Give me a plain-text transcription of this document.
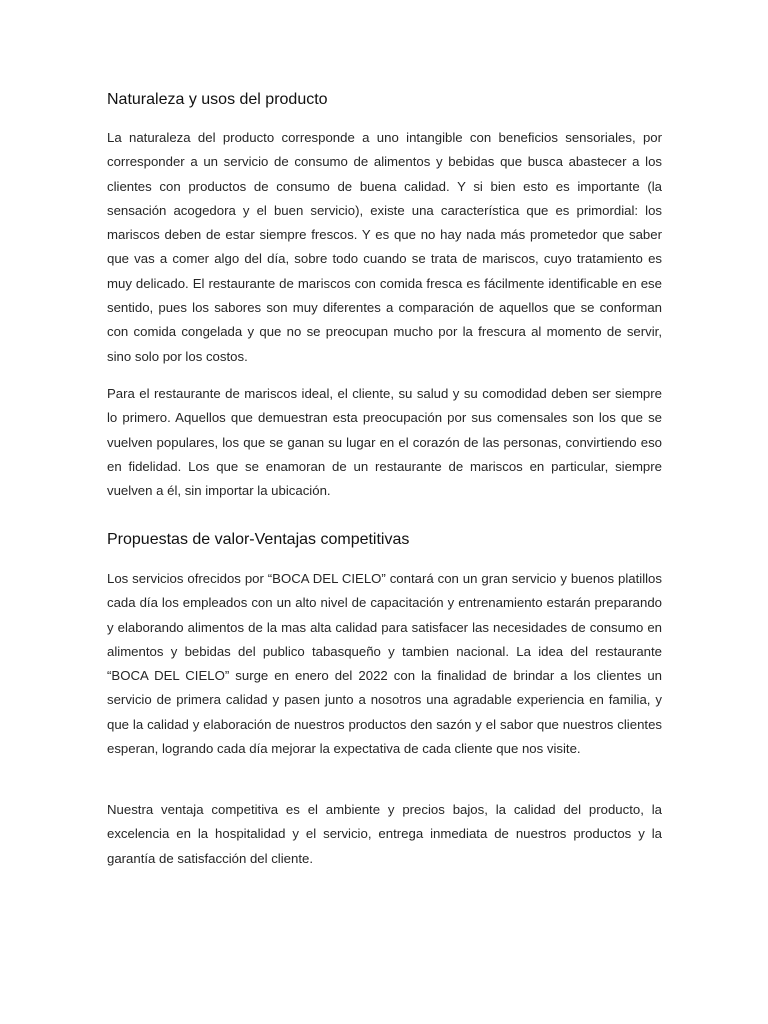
Naturaleza y usos del producto

La naturaleza del producto corresponde a uno intangible con beneficios sensoriales, por corresponder a un servicio de consumo de alimentos y bebidas que busca abastecer a los clientes con productos de consumo de buena calidad. Y si bien esto es importante (la sensación acogedora y el buen servicio), existe una característica que es primordial: los mariscos deben de estar siempre frescos. Y es que no hay nada más prometedor que saber que vas a comer algo del día, sobre todo cuando se trata de mariscos, cuyo tratamiento es muy delicado. El restaurante de mariscos con comida fresca es fácilmente identificable en ese sentido, pues los sabores son muy diferentes a comparación de aquellos que se conforman con comida congelada y que no se preocupan mucho por la frescura al momento de servir, sino solo por los costos.

Para el restaurante de mariscos ideal, el cliente, su salud y su comodidad deben ser siempre lo primero. Aquellos que demuestran esta preocupación por sus comensales son los que se vuelven populares, los que se ganan su lugar en el corazón de las personas, convirtiendo eso en fidelidad. Los que se enamoran de un restaurante de mariscos en particular, siempre vuelven a él, sin importar la ubicación.

Propuestas de valor-Ventajas competitivas

Los servicios ofrecidos por “BOCA DEL CIELO” contará con un gran servicio y buenos platillos cada día los empleados con un alto nivel de capacitación y entrenamiento estarán preparando y elaborando alimentos de la mas alta calidad para satisfacer las necesidades de consumo en alimentos y bebidas del publico tabasqueño y tambien nacional. La idea del restaurante “BOCA DEL CIELO” surge en enero del 2022 con la finalidad de brindar a los clientes un servicio de primera calidad y pasen junto a nosotros una agradable experiencia en familia, y que la calidad y elaboración de nuestros productos den sazón y el sabor que nuestros clientes esperan, logrando cada día mejorar la expectativa de cada cliente que nos visite.

Nuestra ventaja competitiva es el ambiente y precios bajos, la calidad del producto, la excelencia en la hospitalidad y el servicio, entrega inmediata de nuestros productos y la garantía de satisfacción del cliente.
